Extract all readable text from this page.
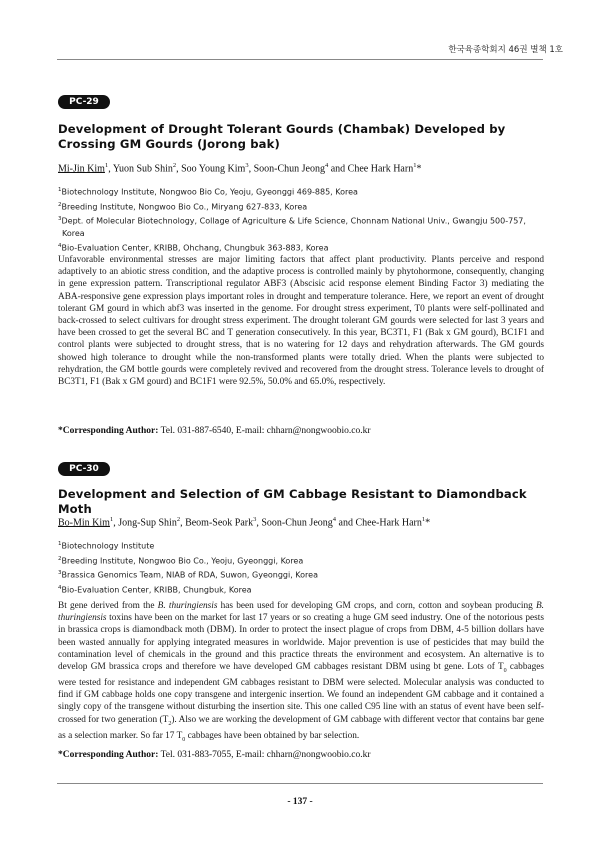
한국육종학회지 46권 별책 1호
PC-29
Development of Drought Tolerant Gourds (Chambak) Developed by Crossing GM Gourds (Jorong bak)
Mi-Jin Kim$^1$, Yuon Sub Shin$^2$, Soo Young Kim$^3$, Soon-Chun Jeong$^4$ and Chee Hark Harn$^1$*
$^1$Biotechnology Institute, Nongwoo Bio Co, Yeoju, Gyeonggi 469-885, Korea
$^2$Breeding Institute, Nongwoo Bio Co., Miryang 627-833, Korea
$^3$Dept. of Molecular Biotechnology, Collage of Agriculture & Life Science, Chonnam National Univ., Gwangju 500-757,
Korea
$^4$Bio-Evaluation Center, KRIBB, Ohchang, Chungbuk 363-883, Korea
Unfavorable environmental stresses are major limiting factors that affect plant productivity. Plants perceive and respond adaptively to an abiotic stress condition, and the adaptive process is controlled mainly by phytohormone, consequently, changing in gene expression pattern. Transcriptional regulator ABF3 (Abscisic acid response element Binding Factor 3) mediating the ABA-responsive gene expression plays important roles in drought and temperature tolerance. Here, we report an event of drought tolerant GM gourd in which abf3 was inserted in the genome. For drought stress experiment, T0 plants were self-pollinated and back-crossed to select cultivars for drought stress experiment. The drought tolerant GM gourds were selected for last 3 years and have been crossed to get the several BC and T generation consecutively. In this year, BC3T1, F1 (Bak x GM gourd), BC1F1 and control plants were subjected to drought stress, that is no watering for 12 days and rehydration afterwards. The GM gourds showed high tolerance to drought while the non-transformed plants were totally dried. When the plants were subjected to rehydration, the GM bottle gourds were completely revived and recovered from the drought stress. Tolerance levels to drought of BC3T1, F1 (Bak x GM gourd) and BC1F1 were 92.5%, 50.0% and 65.0%, respectively.
*Corresponding Author: Tel. 031-887-6540, E-mail: chharn@nongwoobio.co.kr
PC-30
Development and Selection of GM Cabbage Resistant to Diamondback Moth
Bo-Min Kim$^1$, Jong-Sup Shin$^2$, Beom-Seok Park$^3$, Soon-Chun Jeong$^4$ and Chee-Hark Harn$^1$*
$^1$Biotechnology Institute
$^2$Breeding Institute, Nongwoo Bio Co., Yeoju, Gyeonggi, Korea
$^3$Brassica Genomics Team, NIAB of RDA, Suwon, Gyeonggi, Korea
$^4$Bio-Evaluation Center, KRIBB, Chungbuk, Korea
Bt gene derived from the B. thuringiensis has been used for developing GM crops, and corn, cotton and soybean producing B. thuringiensis toxins have been on the market for last 17 years or so creating a huge GM seed industry. One of the notorious pests in brassica crops is diamondback moth (DBM). In order to protect the insect plague of crops from DBM, 4-5 billion dollars have been wasted annually for applying integrated measures in worldwide. Major prevention is use of pesticides that may build the contamination level of chemicals in the ground and this practice threats the environment and ecosystem. An alternative is to develop GM brassica crops and therefore we have developed GM cabbages resistant DBM using bt gene. Lots of $T_0$ cabbages were tested for resistance and independent GM cabbages resistant to DBM were selected. Molecular analysis was conducted to find if GM cabbage holds one copy transgene and intergenic insertion. We found an independent GM cabbage and it contained a singly copy of the transgene without disturbing the insertion site. This one called C95 line with an status of event have been self-crossed for two generation $(T_2)$. Also we are working the development of GM cabbage with different vector that contains bar gene as a selection marker. So far 17 $T_0$ cabbages have been obtained by bar selection.
*Corresponding Author: Tel. 031-883-7055, E-mail: chharn@nongwoobio.co.kr
- 137 -
